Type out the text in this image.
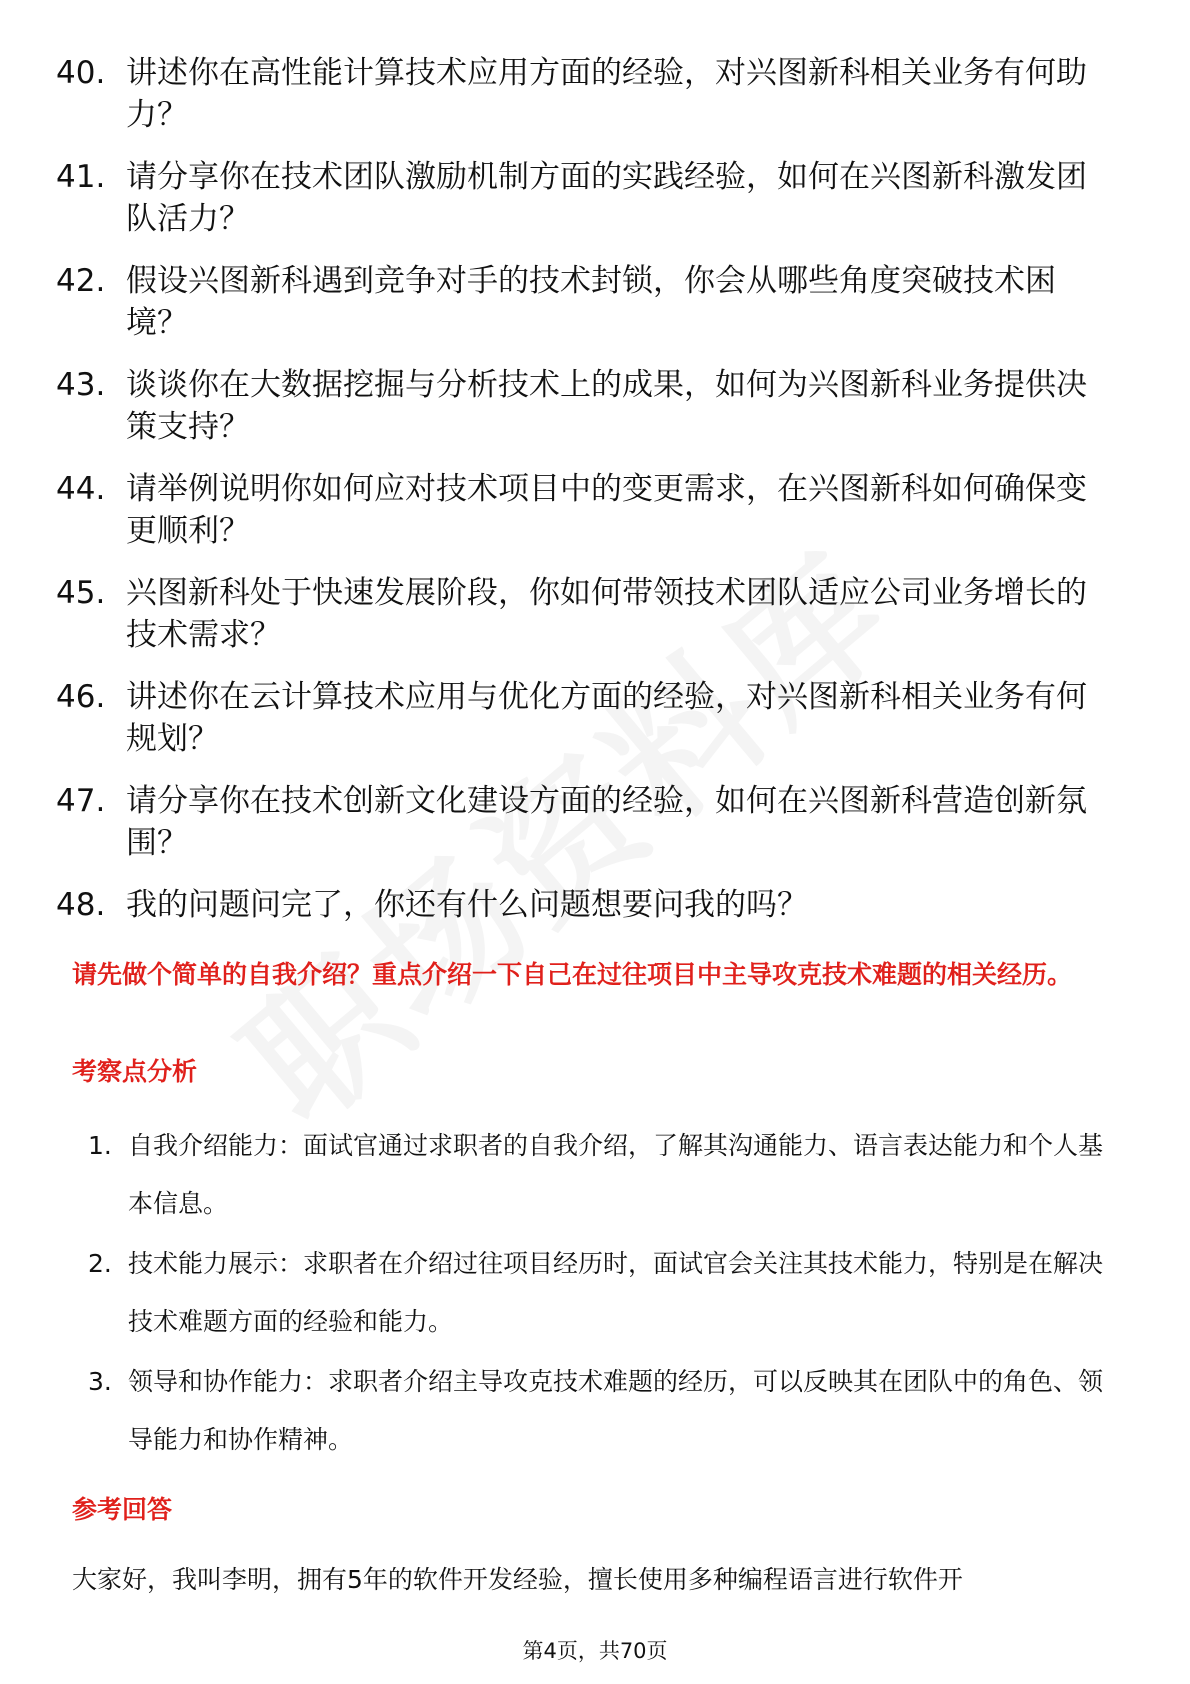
40. 讲述你在高性能计算技术应用方面的经验，对兴图新科相关业务有何助力？
41. 请分享你在技术团队激励机制方面的实践经验，如何在兴图新科激发团队活力？
42. 假设兴图新科遇到竞争对手的技术封锁，你会从哪些角度突破技术困境？
43. 谈谈你在大数据挖掘与分析技术上的成果，如何为兴图新科业务提供决策支持？
44. 请举例说明你如何应对技术项目中的变更需求，在兴图新科如何确保变更顺利？
45. 兴图新科处于快速发展阶段，你如何带领技术团队适应公司业务增长的技术需求？
46. 讲述你在云计算技术应用与优化方面的经验，对兴图新科相关业务有何规划？
47. 请分享你在技术创新文化建设方面的经验，如何在兴图新科营造创新氛围？
48. 我的问题问完了，你还有什么问题想要问我的吗？
请先做个简单的自我介绍？重点介绍一下自己在过往项目中主导攻克技术难题的相关经历。
考察点分析
1. 自我介绍能力：面试官通过求职者的自我介绍，了解其沟通能力、语言表达能力和个人基本信息。
2. 技术能力展示：求职者在介绍过往项目经历时，面试官会关注其技术能力，特别是在解决技术难题方面的经验和能力。
3. 领导和协作能力：求职者介绍主导攻克技术难题的经历，可以反映其在团队中的角色、领导能力和协作精神。
参考回答
大家好，我叫李明，拥有5年的软件开发经验，擅长使用多种编程语言进行软件开
第4页，共70页
